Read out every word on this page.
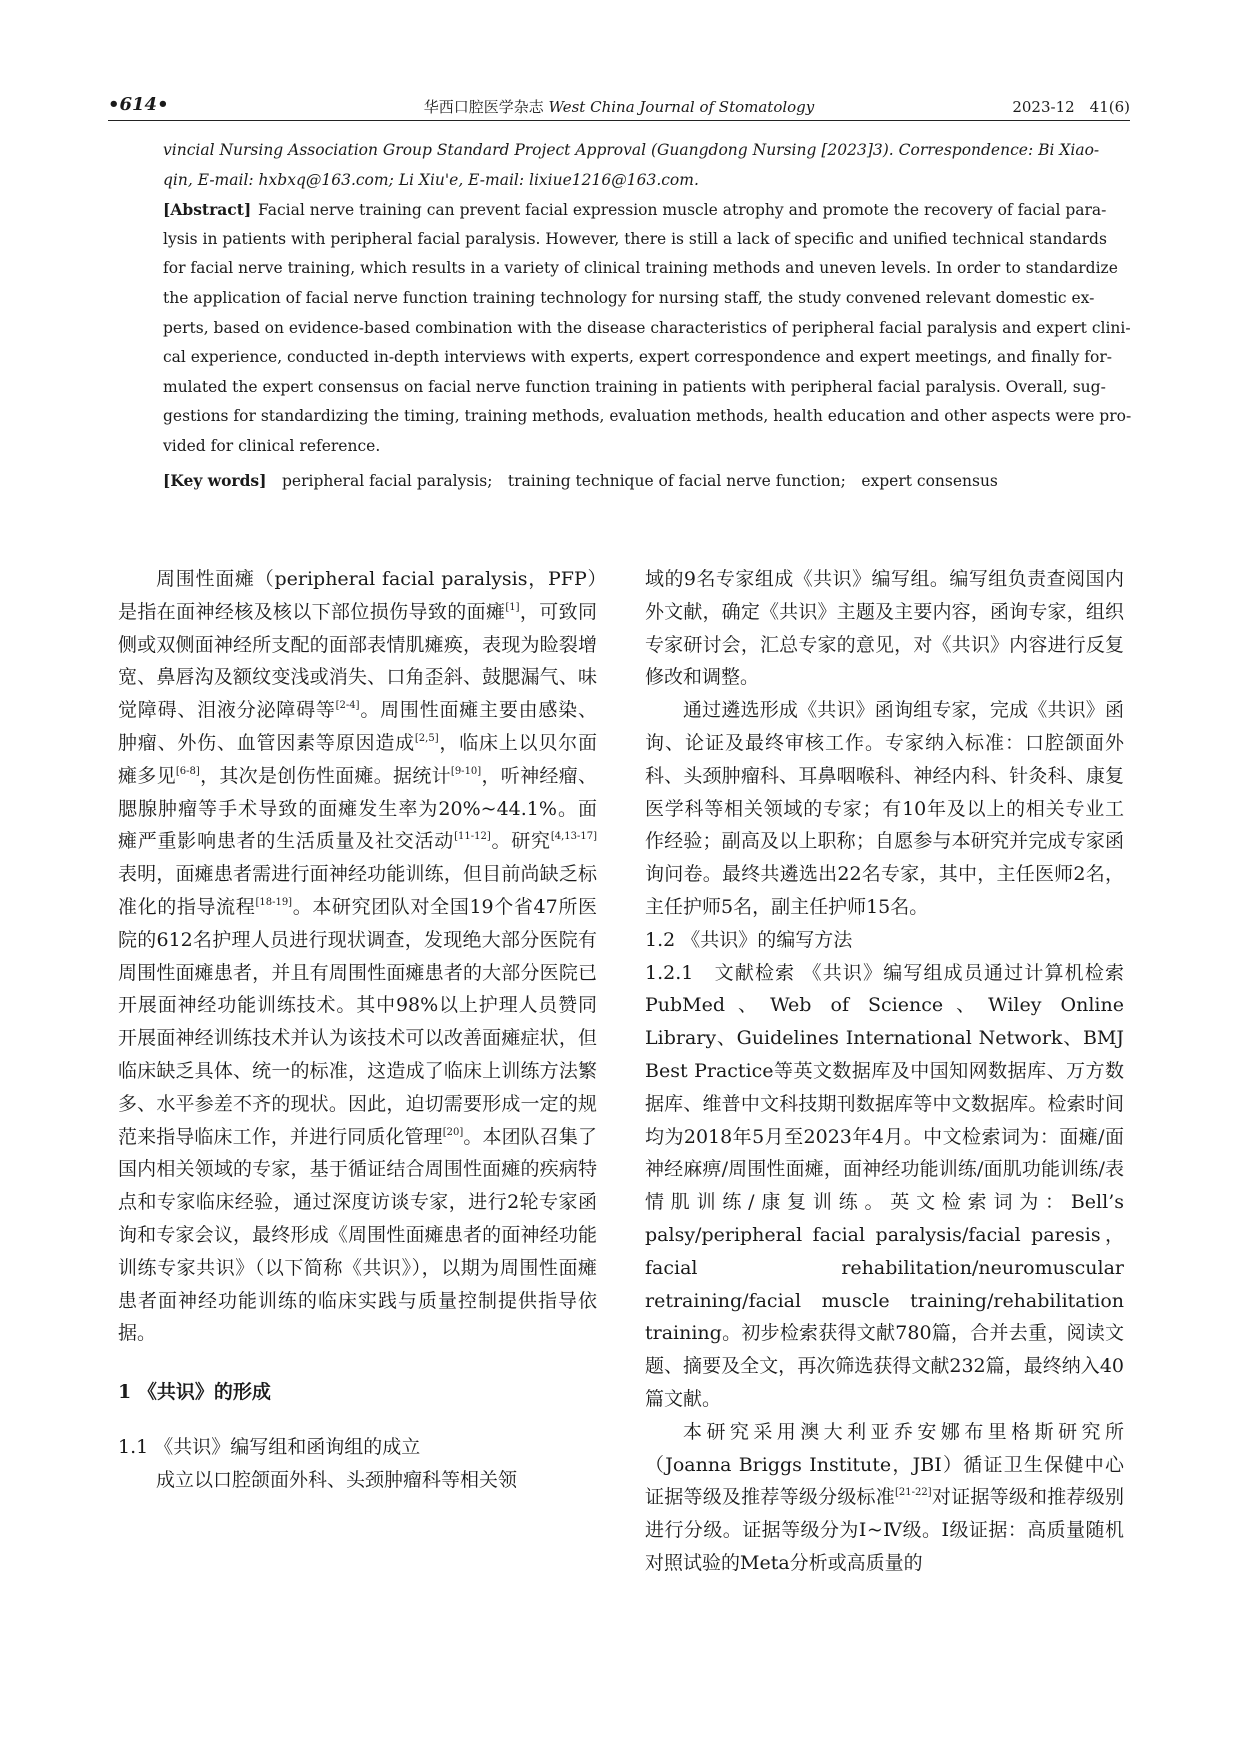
•614•	华西口腔医学杂志 West China Journal of Stomatology	2023-12　41(6)
vincial Nursing Association Group Standard Project Approval (Guangdong Nursing [2023]3). Correspondence: Bi Xiao-
qin, E-mail: hxbxq@163.com; Li Xiu'e, E-mail: lixiue1216@163.com.
[Abstract] Facial nerve training can prevent facial expression muscle atrophy and promote the recovery of facial para-
lysis in patients with peripheral facial paralysis. However, there is still a lack of specific and unified technical standards
for facial nerve training, which results in a variety of clinical training methods and uneven levels. In order to standardize
the application of facial nerve function training technology for nursing staff, the study convened relevant domestic ex-
perts, based on evidence-based combination with the disease characteristics of peripheral facial paralysis and expert clini-
cal experience, conducted in-depth interviews with experts, expert correspondence and expert meetings, and finally for-
mulated the expert consensus on facial nerve function training in patients with peripheral facial paralysis. Overall, sug-
gestions for standardizing the timing, training methods, evaluation methods, health education and other aspects were pro-
vided for clinical reference.
[Key words]　 peripheral facial paralysis;　training technique of facial nerve function;　expert consensus

周围性面瘫（peripheral facial paralysis，PFP）是指在面神经核及核以下部位损伤导致的面瘫[1]，可致同侧或双侧面神经所支配的面部表情肌瘫痪，表现为睑裂增宽、鼻唇沟及额纹变浅或消失、口角歪斜、鼓腮漏气、味觉障碍、泪液分泌障碍等[2-4]。周围性面瘫主要由感染、肿瘤、外伤、血管因素等原因造成[2,5]，临床上以贝尔面瘫多见[6-8]，其次是创伤性面瘫。据统计[9-10]，听神经瘤、腮腺肿瘤等手术导致的面瘫发生率为20%~44.1%。面瘫严重影响患者的生活质量及社交活动[11-12]。研究[4,13-17]表明，面瘫患者需进行面神经功能训练，但目前尚缺乏标准化的指导流程[18-19]。本研究团队对全国19个省47所医院的612名护理人员进行现状调查，发现绝大部分医院有周围性面瘫患者，并且有周围性面瘫患者的大部分医院已开展面神经功能训练技术。其中98%以上护理人员赞同开展面神经训练技术并认为该技术可以改善面瘫症状，但临床缺乏具体、统一的标准，这造成了临床上训练方法繁多、水平参差不齐的现状。因此，迫切需要形成一定的规范来指导临床工作，并进行同质化管理[20]。本团队召集了国内相关领域的专家，基于循证结合周围性面瘫的疾病特点和专家临床经验，通过深度访谈专家，进行2轮专家函询和专家会议，最终形成《周围性面瘫患者的面神经功能训练专家共识》（以下简称《共识》），以期为周围性面瘫患者面神经功能训练的临床实践与质量控制提供指导依据。

1 《共识》的形成

1.1 《共识》编写组和函询组的成立

成立以口腔颌面外科、头颈肿瘤科等相关领

域的9名专家组成《共识》编写组。编写组负责查阅国内外文献，确定《共识》主题及主要内容，函询专家，组织专家研讨会，汇总专家的意见，对《共识》内容进行反复修改和调整。

通过遴选形成《共识》函询组专家，完成《共识》函询、论证及最终审核工作。专家纳入标准：口腔颌面外科、头颈肿瘤科、耳鼻咽喉科、神经内科、针灸科、康复医学科等相关领域的专家；有10年及以上的相关专业工作经验；副高及以上职称；自愿参与本研究并完成专家函询问卷。最终共遴选出22名专家，其中，主任医师2名，主任护师5名，副主任护师15名。

1.2 《共识》的编写方法

1.2.1　文献检索 《共识》编写组成员通过计算机检索PubMed、Web of Science、Wiley Online Library、Guidelines International Network、BMJ Best Practice等英文数据库及中国知网数据库、万方数据库、维普中文科技期刊数据库等中文数据库。检索时间均为2018年5月至2023年4月。中文检索词为：面瘫/面神经麻痹/周围性面瘫，面神经功能训练/面肌功能训练/表情肌训练/康复训练。英文检索词为：Bell’s palsy/peripheral facial paralysis/facial paresis，facial rehabilitation/neuromuscular retraining/facial muscle training/rehabilitation training。初步检索获得文献780篇，合并去重，阅读文题、摘要及全文，再次筛选获得文献232篇，最终纳入40篇文献。

本研究采用澳大利亚乔安娜布里格斯研究所（Joanna Briggs Institute，JBI）循证卫生保健中心证据等级及推荐等级分级标准[21-22]对证据等级和推荐级别进行分级。证据等级分为Ⅰ~Ⅳ级。Ⅰ级证据：高质量随机对照试验的Meta分析或高质量的
